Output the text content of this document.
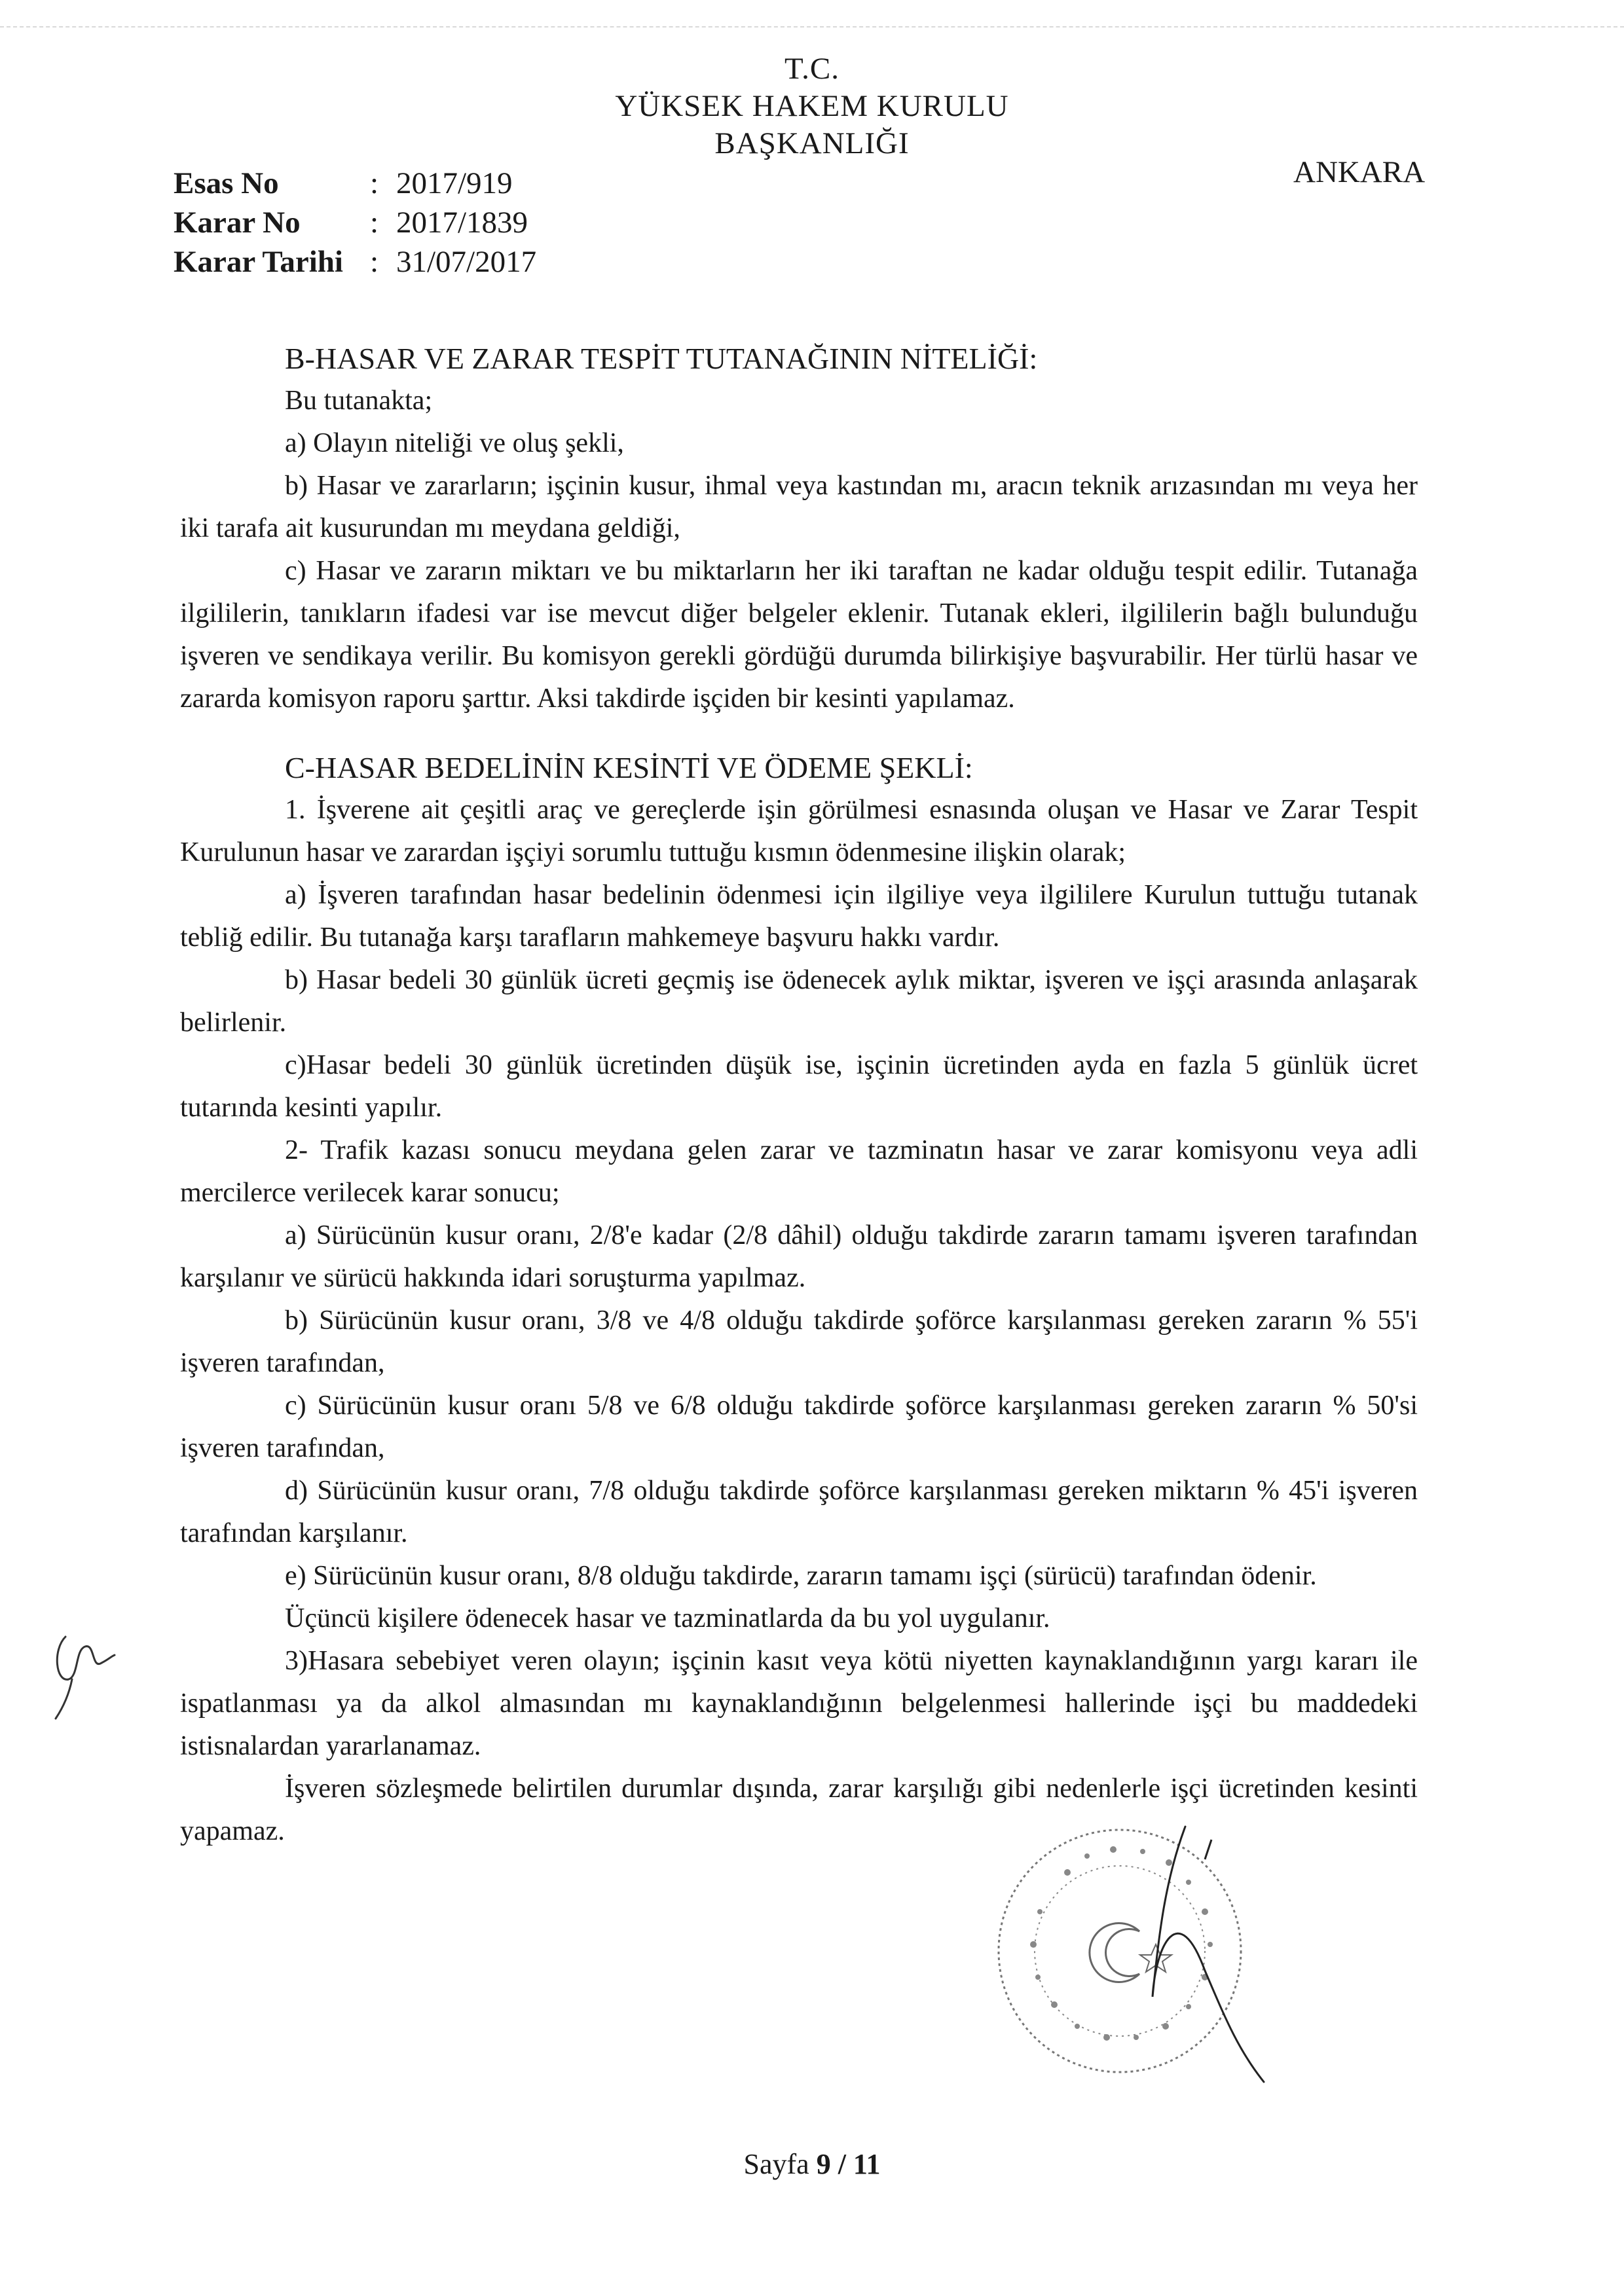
T.C.
YÜKSEK HAKEM KURULU
BAŞKANLIĞI
Esas No	: 2017/919
Karar No	: 2017/1839
Karar Tarihi : 31/07/2017
ANKARA

B-HASAR VE ZARAR TESPİT TUTANAĞININ NİTELİĞİ:

Bu tutanakta;

a) Olayın niteliği ve oluş şekli,

b) Hasar ve zararların; işçinin kusur, ihmal veya kastından mı, aracın teknik arızasından mı veya her iki tarafa ait kusurundan mı meydana geldiği,

c) Hasar ve zararın miktarı ve bu miktarların her iki taraftan ne kadar olduğu tespit edilir. Tutanağa ilgililerin, tanıkların ifadesi var ise mevcut diğer belgeler eklenir. Tutanak ekleri, ilgililerin bağlı bulunduğu işveren ve sendikaya verilir. Bu komisyon gerekli gördüğü durumda bilirkişiye başvurabilir. Her türlü hasar ve zararda komisyon raporu şarttır. Aksi takdirde işçiden bir kesinti yapılamaz.

C-HASAR BEDELİNİN KESİNTİ VE ÖDEME ŞEKLİ:

1. İşverene ait çeşitli araç ve gereçlerde işin görülmesi esnasında oluşan ve Hasar ve Zarar Tespit Kurulunun hasar ve zarardan işçiyi sorumlu tuttuğu kısmın ödenmesine ilişkin olarak;

a) İşveren tarafından hasar bedelinin ödenmesi için ilgiliye veya ilgililere Kurulun tuttuğu tutanak tebliğ edilir. Bu tutanağa karşı tarafların mahkemeye başvuru hakkı vardır.

b) Hasar bedeli 30 günlük ücreti geçmiş ise ödenecek aylık miktar, işveren ve işçi arasında anlaşarak belirlenir.

c)Hasar bedeli 30 günlük ücretinden düşük ise, işçinin ücretinden ayda en fazla 5 günlük ücret tutarında kesinti yapılır.

2- Trafik kazası sonucu meydana gelen zarar ve tazminatın hasar ve zarar komisyonu veya adli mercilerce verilecek karar sonucu;

a) Sürücünün kusur oranı, 2/8'e kadar (2/8 dâhil) olduğu takdirde zararın tamamı işveren tarafından karşılanır ve sürücü hakkında idari soruşturma yapılmaz.

b) Sürücünün kusur oranı, 3/8 ve 4/8 olduğu takdirde şoförce karşılanması gereken zararın % 55'i işveren tarafından,

c) Sürücünün kusur oranı 5/8 ve 6/8 olduğu takdirde şoförce karşılanması gereken zararın % 50'si işveren tarafından,

d) Sürücünün kusur oranı, 7/8 olduğu takdirde şoförce karşılanması gereken miktarın % 45'i işveren tarafından karşılanır.

e) Sürücünün kusur oranı, 8/8 olduğu takdirde, zararın tamamı işçi (sürücü) tarafından ödenir.

Üçüncü kişilere ödenecek hasar ve tazminatlarda da bu yol uygulanır.

3)Hasara sebebiyet veren olayın; işçinin kasıt veya kötü niyetten kaynaklandığının yargı kararı ile ispatlanması ya da alkol almasından mı kaynaklandığının belgelenmesi hallerinde işçi bu maddedeki istisnalardan yararlanamaz.

İşveren sözleşmede belirtilen durumlar dışında, zarar karşılığı gibi nedenlerle işçi ücretinden kesinti yapamaz.

Sayfa 9 / 11
